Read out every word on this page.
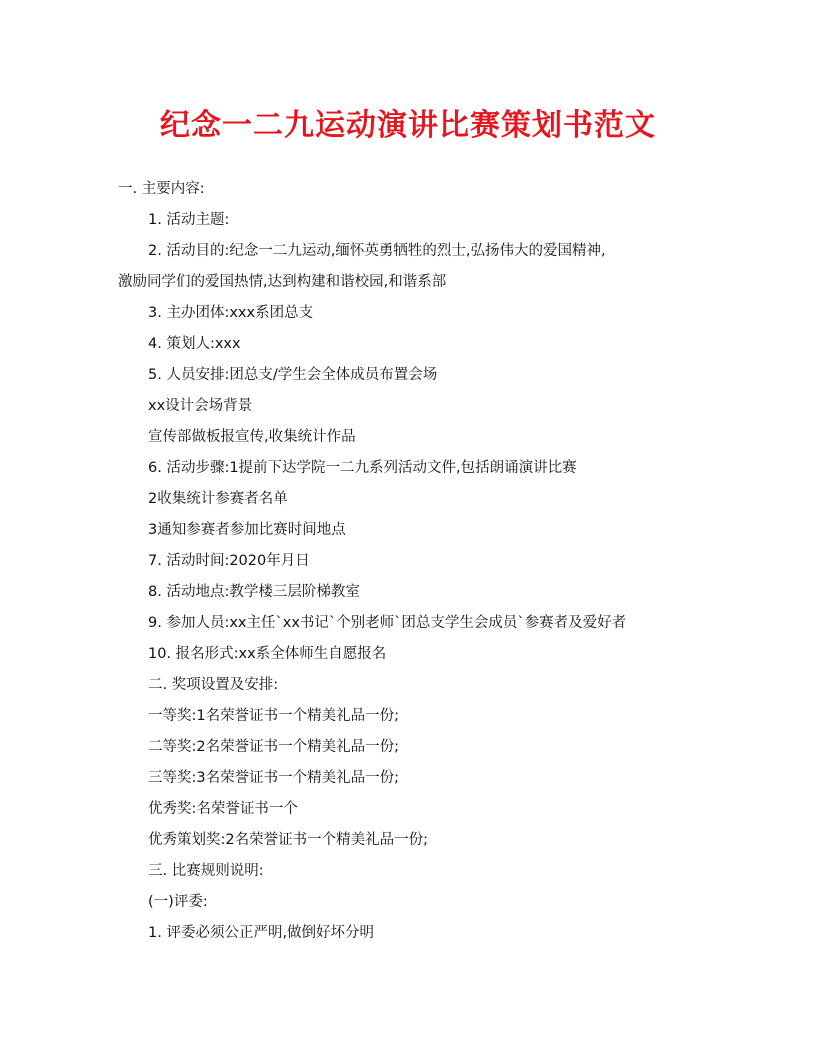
纪念一二九运动演讲比赛策划书范文

一. 主要内容:

1. 活动主题:

2. 活动目的:纪念一二九运动,缅怀英勇牺牲的烈士,弘扬伟大的爱国精神,

激励同学们的爱国热情,达到构建和谐校园,和谐系部

3. 主办团体:xxx系团总支

4. 策划人:xxx

5. 人员安排:团总支/学生会全体成员布置会场

xx设计会场背景

宣传部做板报宣传,收集统计作品

6. 活动步骤:1提前下达学院一二九系列活动文件,包括朗诵演讲比赛

2收集统计参赛者名单

3通知参赛者参加比赛时间地点

7. 活动时间:2020年月日

8. 活动地点:教学楼三层阶梯教室

9. 参加人员:xx主任`xx书记`个别老师`团总支学生会成员`参赛者及爱好者

10. 报名形式:xx系全体师生自愿报名

二. 奖项设置及安排:

一等奖:1名荣誉证书一个精美礼品一份;

二等奖:2名荣誉证书一个精美礼品一份;

三等奖:3名荣誉证书一个精美礼品一份;

优秀奖:名荣誉证书一个

优秀策划奖:2名荣誉证书一个精美礼品一份;

三. 比赛规则说明:

(一)评委:

1. 评委必须公正严明,做倒好坏分明
